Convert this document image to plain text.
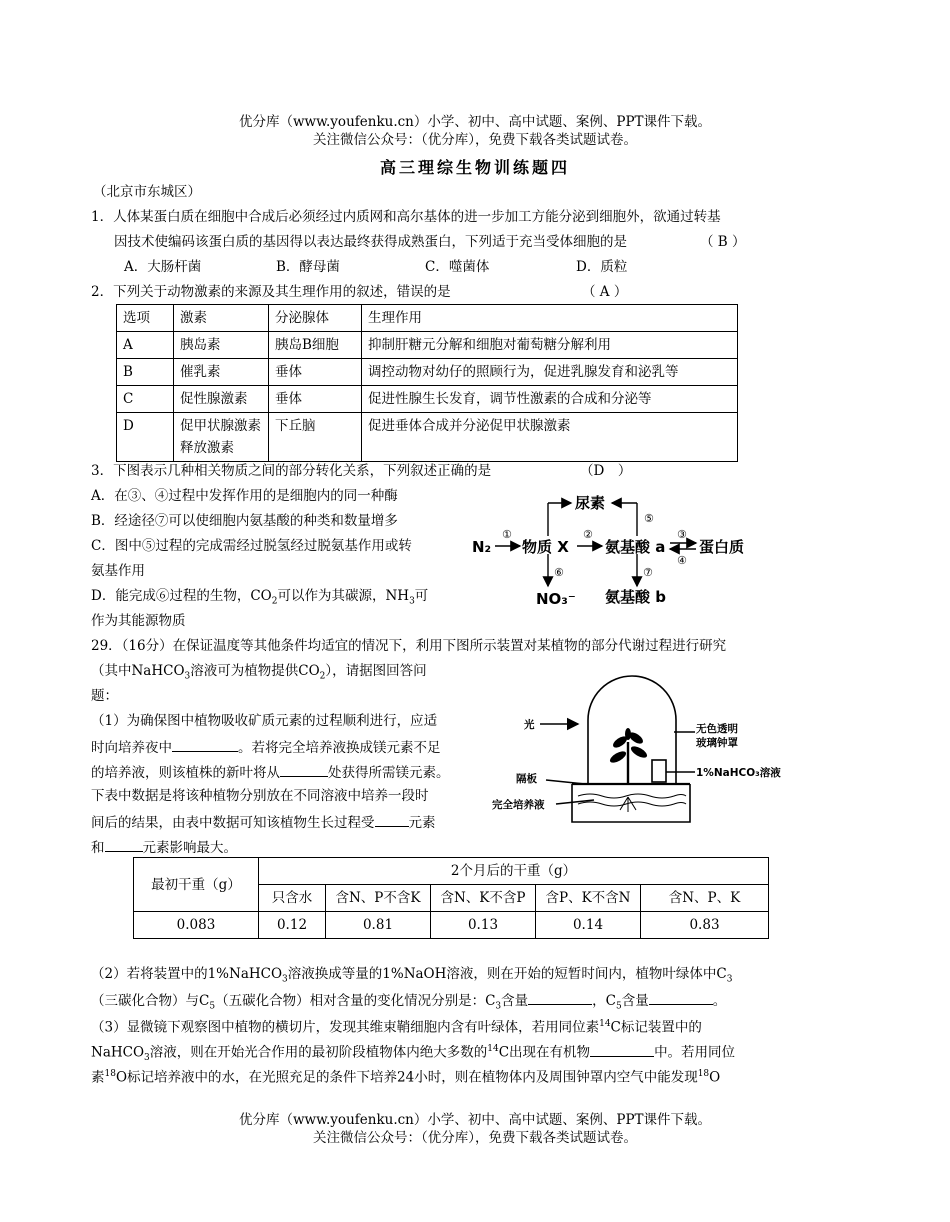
优分库（www.youfenku.cn）小学、初中、高中试题、案例、PPT课件下载。
关注微信公众号：（优分库），免费下载各类试题试卷。
高三理综生物训练题四
（北京市东城区）
1．人体某蛋白质在细胞中合成后必须经过内质网和高尔基体的进一步加工方能分泌到细胞外，欲通过转基
因技术使编码该蛋白质的基因得以表达最终获得成熟蛋白，下列适于充当受体细胞的是	（ B ）
A．大肠杆菌	B．酵母菌	C．噬菌体	D．质粒
2．下列关于动物激素的来源及其生理作用的叙述，错误的是	（ A ）
选项	激素	分泌腺体	生理作用
A	胰岛素	胰岛B细胞	抑制肝糖元分解和细胞对葡萄糖分解利用
B	催乳素	垂体	调控动物对幼仔的照顾行为，促进乳腺发育和泌乳等
C	促性腺激素	垂体	促进性腺生长发育，调节性激素的合成和分泌等
D	促甲状腺激素释放激素	下丘脑	促进垂体合成并分泌促甲状腺激素
3．下图表示几种相关物质之间的部分转化关系，下列叙述正确的是	（D　）
A．在③、④过程中发挥作用的是细胞内的同一种酶
B．经途径⑦可以使细胞内氨基酸的种类和数量增多
C．图中⑤过程的完成需经过脱氢经过脱氨基作用或转
氨基作用
D．能完成⑥过程的生物，$CO_2$可以作为其碳源，$NH_3$可
作为其能源物质
N₂ 物质 X
尿素
氨基酸 a 蛋白质
NO₃⁻ 氨基酸 b
①	②	③
④
⑤
⑥	⑦
29．（16分）在保证温度等其他条件均适宜的情况下，利用下图所示装置对某植物的部分代谢过程进行研究
（其中NaHCO$_3$溶液可为植物提供$CO_2$），请据图回答问
题：
（1）为确保图中植物吸收矿质元素的过程顺利进行，应适
时向培养夜中	。若将完全培养液换成镁元素不足
的培养液，则该植株的新叶将从	处获得所需镁元素。
下表中数据是将该种植物分别放在不同溶液中培养一段时
间后的结果，由表中数据可知该植物生长过程受	元素
和	元素影响最大。
光	无色透明
玻璃钟罩
1%NaHCO₃溶液
隔板
完全培养液
最初干重（g）	2个月后的干重（g）				
	只含水	含N、P不含K	含N、K不含P	含P、K不含N	含N、P、K
0.083	0.12	0.81	0.13	0.14	0.83
（2）若将装置中的1%NaHCO$_3$溶液换成等量的1%NaOH溶液，则在开始的短暂时间内，植物叶绿体中$C_3$
（三碳化合物）与$C_5$（五碳化合物）相对含量的变化情况分别是：$C_3$含量	，$C_5$含量	。
（3）显微镜下观察图中植物的横切片，发现其维束鞘细胞内含有叶绿体，若用同位素$^{14}$C标记装置中的
NaHCO$_3$溶液，则在开始光合作用的最初阶段植物体内绝大多数的$^{14}$C出现在有机物	中。若用同位
素$^{18}$O标记培养液中的水，在光照充足的条件下培养24小时，则在植物体内及周围钟罩内空气中能发现$^{18}$O
优分库（www.youfenku.cn）小学、初中、高中试题、案例、PPT课件下载。
关注微信公众号：（优分库），免费下载各类试题试卷。
